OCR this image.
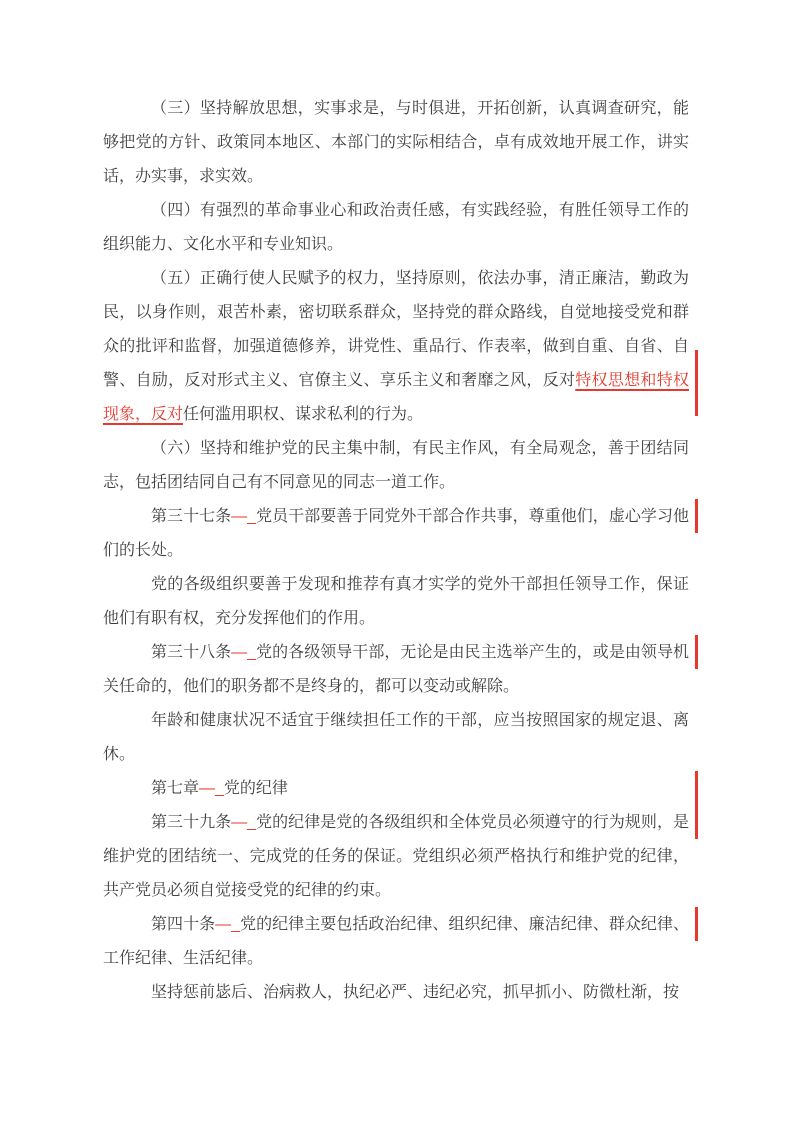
（三）坚持解放思想，实事求是，与时俱进，开拓创新，认真调查研究，能够把党的方针、政策同本地区、本部门的实际相结合，卓有成效地开展工作，讲实话，办实事，求实效。

（四）有强烈的革命事业心和政治责任感，有实践经验，有胜任领导工作的组织能力、文化水平和专业知识。

（五）正确行使人民赋予的权力，坚持原则，依法办事，清正廉洁，勤政为民，以身作则，艰苦朴素，密切联系群众，坚持党的群众路线，自觉地接受党和群众的批评和监督，加强道德修养，讲党性、重品行、作表率，做到自重、自省、自警、自励，反对形式主义、官僚主义、享乐主义和奢靡之风，反对特权思想和特权现象，反对任何滥用职权、谋求私利的行为。

（六）坚持和维护党的民主集中制，有民主作风，有全局观念，善于团结同志，包括团结同自己有不同意见的同志一道工作。

第三十七条—_党员干部要善于同党外干部合作共事，尊重他们，虚心学习他们的长处。

党的各级组织要善于发现和推荐有真才实学的党外干部担任领导工作，保证他们有职有权，充分发挥他们的作用。

第三十八条—_党的各级领导干部，无论是由民主选举产生的，或是由领导机关任命的，他们的职务都不是终身的，都可以变动或解除。

年龄和健康状况不适宜于继续担任工作的干部，应当按照国家的规定退、离休。

第七章—_党的纪律

第三十九条—_党的纪律是党的各级组织和全体党员必须遵守的行为规则，是维护党的团结统一、完成党的任务的保证。党组织必须严格执行和维护党的纪律，共产党员必须自觉接受党的纪律的约束。

第四十条—_党的纪律主要包括政治纪律、组织纪律、廉洁纪律、群众纪律、工作纪律、生活纪律。

坚持惩前毖后、治病救人，执纪必严、违纪必究，抓早抓小、防微杜渐，按
